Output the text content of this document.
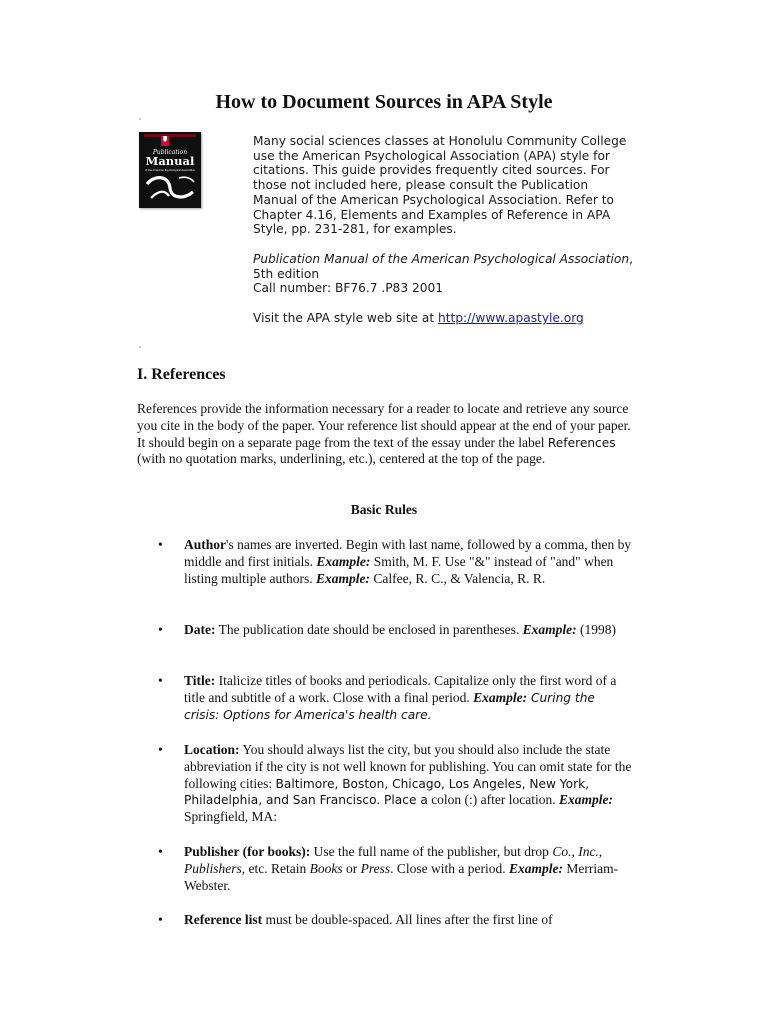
How to Document Sources in APA Style
Publication
Manual
of the American Psychological Association

Many social sciences classes at Honolulu Community College use the American Psychological Association (APA) style for citations. This guide provides frequently cited sources. For those not included here, please consult the Publication Manual of the American Psychological Association. Refer to Chapter 4.16, Elements and Examples of Reference in APA Style, pp. 231-281, for examples.

Publication Manual of the American Psychological Association, 5th edition
Call number: BF76.7 .P83 2001

Visit the APA style web site at http://www.apastyle.org

I. References

References provide the information necessary for a reader to locate and retrieve any source you cite in the body of the paper. Your reference list should appear at the end of your paper. It should begin on a separate page from the text of the essay under the label References (with no quotation marks, underlining, etc.), centered at the top of the page.

Basic Rules
• Author's names are inverted. Begin with last name, followed by a comma, then by middle and first initials. Example: Smith, M. F. Use "&" instead of "and" when listing multiple authors. Example: Calfee, R. C., & Valencia, R. R.

• Date: The publication date should be enclosed in parentheses. Example: (1998)

• Title: Italicize titles of books and periodicals. Capitalize only the first word of a title and subtitle of a work. Close with a final period. Example: Curing the crisis: Options for America's health care.

• Location: You should always list the city, but you should also include the state abbreviation if the city is not well known for publishing. You can omit state for the following cities: Baltimore, Boston, Chicago, Los Angeles, New York, Philadelphia, and San Francisco. Place a colon (:) after location. Example: Springfield, MA:

• Publisher (for books): Use the full name of the publisher, but drop Co., Inc., Publishers, etc. Retain Books or Press. Close with a period. Example: Merriam-Webster.

• Reference list must be double-spaced. All lines after the first line of
